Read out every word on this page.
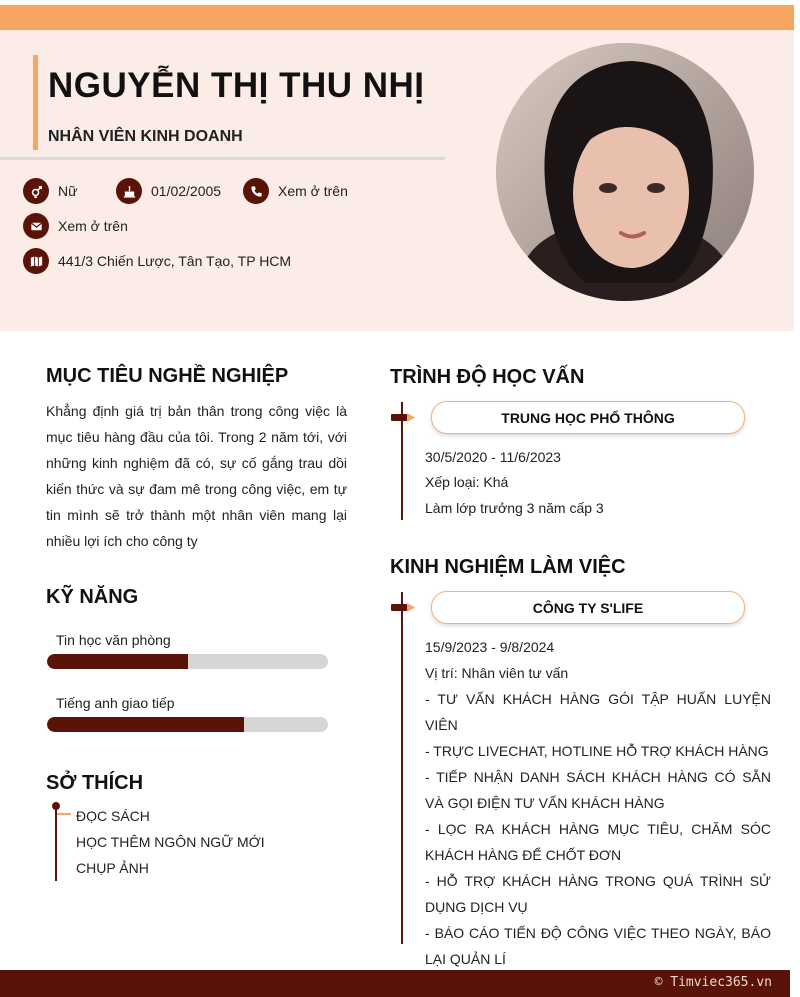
NGUYỄN THỊ THU NHỊ
NHÂN VIÊN KINH DOANH
Nữ	01/02/2005	Xem ở trên
Xem ở trên
441/3 Chiến Lược, Tân Tạo, TP HCM
MỤC TIÊU NGHỀ NGHIỆP
Khẳng định giá trị bản thân trong công việc là mục tiêu hàng đầu của tôi. Trong 2 năm tới, với những kinh nghiệm đã có, sự cố gắng trau dồi kiến thức và sự đam mê trong công việc, em tự tin mình sẽ trở thành một nhân viên mang lại nhiều lợi ích cho công ty
KỸ NĂNG
Tin học văn phòng
Tiếng anh giao tiếp
SỞ THÍCH
ĐỌC SÁCH
HỌC THÊM NGÔN NGỮ MỚI
CHỤP ẢNH
TRÌNH ĐỘ HỌC VẤN
TRUNG HỌC PHỔ THÔNG
30/5/2020 - 11/6/2023
Xếp loại: Khá
Làm lớp trưởng 3 năm cấp 3
KINH NGHIỆM LÀM VIỆC
CÔNG TY S'LIFE
15/9/2023 - 9/8/2024
Vị trí: Nhân viên tư vấn
- TƯ VẤN KHÁCH HÀNG GÓI TẬP HUẤN LUYỆN VIÊN
- TRỰC LIVECHAT, HOTLINE HỖ TRỢ KHÁCH HÀNG
- TIẾP NHẬN DANH SÁCH KHÁCH HÀNG CÓ SẴN VÀ GỌI ĐIỆN TƯ VẤN KHÁCH HÀNG
- LỌC RA KHÁCH HÀNG MỤC TIÊU, CHĂM SÓC KHÁCH HÀNG ĐỂ CHỐT ĐƠN
- HỖ TRỢ KHÁCH HÀNG TRONG QUÁ TRÌNH SỬ DỤNG DỊCH VỤ
- BÁO CÁO TIẾN ĐỘ CÔNG VIỆC THEO NGÀY, BÁO LẠI QUẢN LÍ
© Timviec365.vn
